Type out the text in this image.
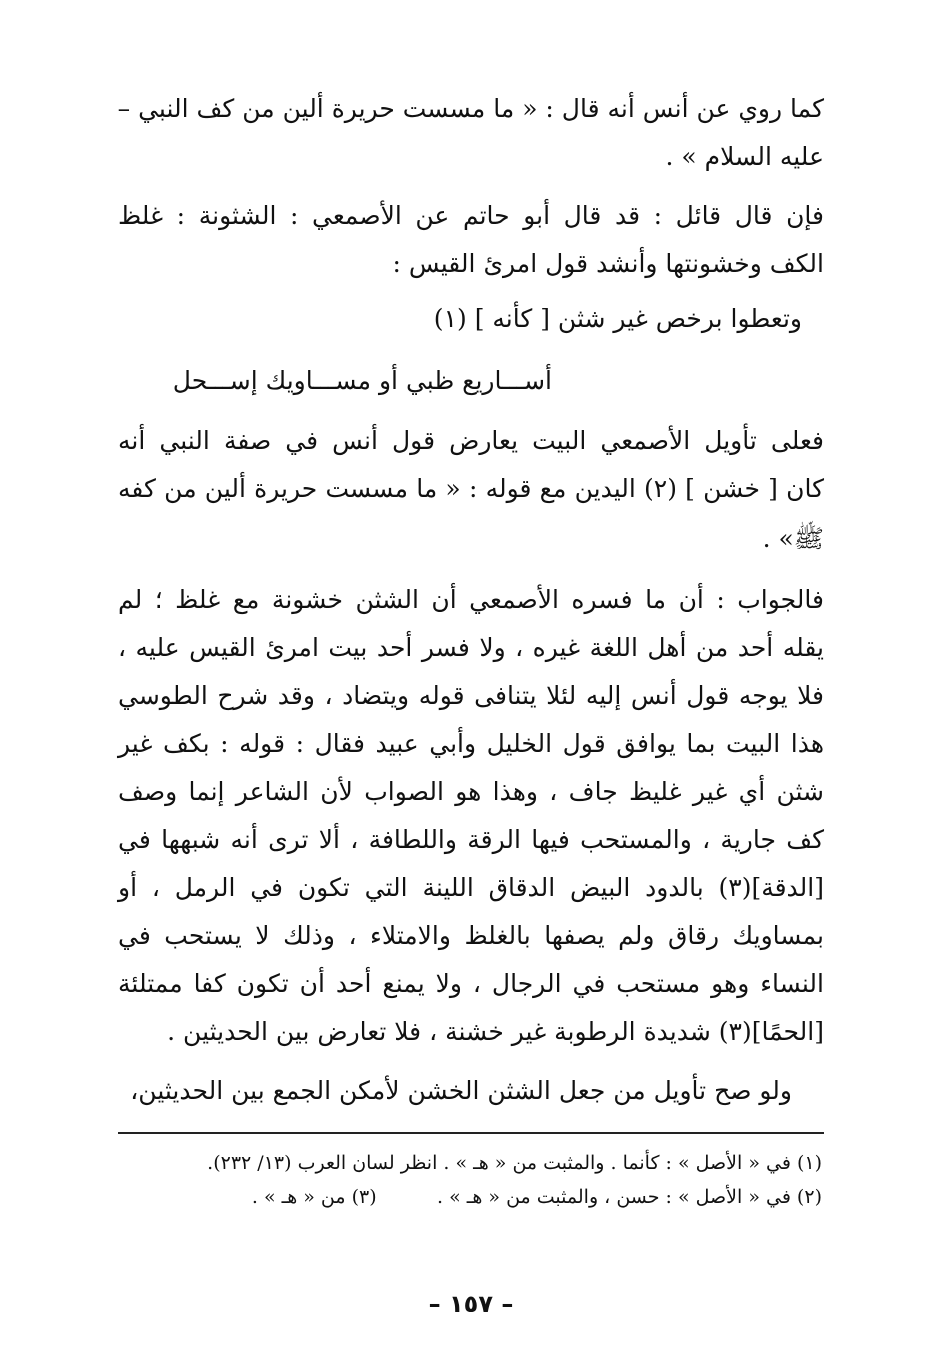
كما روي عن أنس أنه قال : « ما مسست حريرة ألين من كف النبي –
عليه السلام » .
فإن قال قائل : قد قال أبو حاتم عن الأصمعي : الشثونة : غلظ
الكف وخشونتها وأنشد قول امرئ القيس :
وتعطوا برخص غير شثن [ كأنه ] (١)
أســـاريع ظبي أو مســـاويك إســـحل
فعلى تأويل الأصمعي البيت يعارض قول أنس في صفة النبي أنه
كان [ خشن ] (٢) اليدين مع قوله : « ما مسست حريرة ألين من كفه
ﷺ» .
فالجواب : أن ما فسره الأصمعي أن الشثن خشونة مع غلظ ؛ لم
يقله أحد من أهل اللغة غيره ، ولا فسر أحد بيت امرئ القيس عليه ،
فلا يوجه قول أنس إليه لئلا يتنافى قوله ويتضاد ، وقد شرح الطوسي
هذا البيت بما يوافق قول الخليل وأبي عبيد فقال : قوله : بكف غير
شثن أي غير غليظ جاف ، وهذا هو الصواب لأن الشاعر إنما وصف
كف جارية ، والمستحب فيها الرقة واللطافة ، ألا ترى أنه شبهها في
[الدقة](٣) بالدود البيض الدقاق اللينة التي تكون في الرمل ، أو
بمساويك رقاق ولم يصفها بالغلظ والامتلاء ، وذلك لا يستحب في
النساء وهو مستحب في الرجال ، ولا يمنع أحد أن تكون كفا ممتلئة
[الحمًا](٣) شديدة الرطوبة غير خشنة ، فلا تعارض بين الحديثين .
ولو صح تأويل من جعل الشثن الخشن لأمكن الجمع بين الحديثين،
(١) في « الأصل » : كأنما . والمثبت من « هـ » . انظر لسان العرب (١٣/ ٢٣٢).
(٢) في « الأصل » : حسن ، والمثبت من « هـ » .          (٣) من « هـ » .
– ١٥٧ –
